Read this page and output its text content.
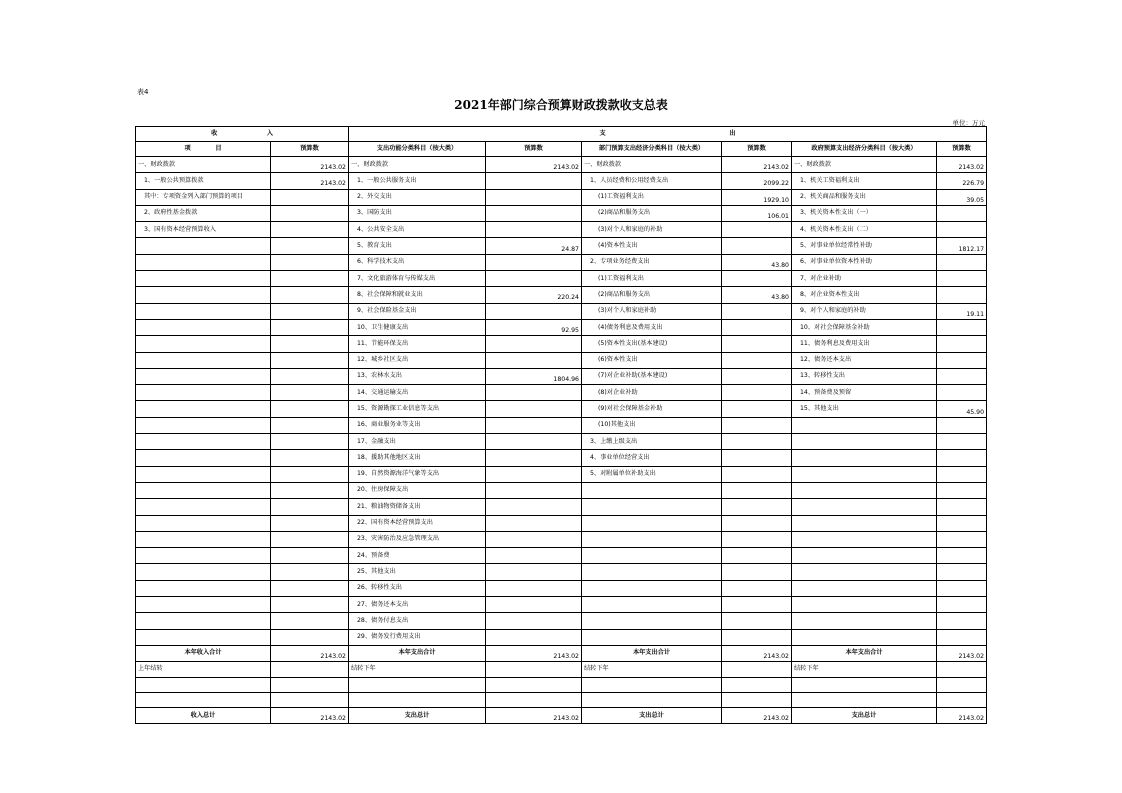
表4
2021年部门综合预算财政拨款收支总表
单位：万元
收　　　　　　　　入		支　　　　　　　　　　　　　　　　　　　　出					
项　　　　目	预算数	支出功能分类科目（按大类）	预算数	部门预算支出经济分类科目（按大类）	预算数	政府预算支出经济分类科目（按大类）	预算数
一、财政拨款	2143.02	一、财政拨款	2143.02	一、财政拨款	2143.02	一、财政拨款	2143.02
1、一般公共预算拨款	2143.02	1、一般公共服务支出		1、人员经费和公用经费支出	2099.22	1、机关工资福利支出	226.79
其中：专项资金列入部门预算的项目		2、外交支出		(1)工资福利支出	1929.10	2、机关商品和服务支出	39.05
2、政府性基金拨款		3、国防支出		(2)商品和服务支出	106.01	3、机关资本性支出（一）	
3、国有资本经营预算收入		4、公共安全支出		(3)对个人和家庭的补助		4、机关资本性支出（二）	
		5、教育支出	24.87	(4)资本性支出		5、对事业单位经常性补助	1812.17
		6、科学技术支出		2、专项业务经费支出	43.80	6、对事业单位资本性补助	
		7、文化旅游体育与传媒支出		(1)工资福利支出		7、对企业补助	
		8、社会保障和就业支出	220.24	(2)商品和服务支出	43.80	8、对企业资本性支出	
		9、社会保险基金支出		(3)对个人和家庭补助		9、对个人和家庭的补助	19.11
		10、卫生健康支出	92.95	(4)债务利息及费用支出		10、对社会保障基金补助	
		11、节能环保支出		(5)资本性支出(基本建设)		11、债务利息及费用支出	
		12、城乡社区支出		(6)资本性支出		12、债务还本支出	
		13、农林水支出	1804.96	(7)对企业补助(基本建设)		13、转移性支出	
		14、交通运输支出		(8)对企业补助		14、预备费及预留	
		15、资源勘探工业信息等支出		(9)对社会保障基金补助		15、其他支出	45.90
		16、商业服务业等支出		(10)其他支出			
		17、金融支出		3、上缴上级支出			
		18、援助其他地区支出		4、事业单位经营支出			
		19、自然资源海洋气象等支出		5、对附属单位补助支出			
		20、住房保障支出					
		21、粮油物资储备支出					
		22、国有资本经营预算支出					
		23、灾害防治及应急管理支出					
		24、预备费					
		25、其他支出					
		26、转移性支出					
		27、债务还本支出					
		28、债务付息支出					
		29、债务发行费用支出					
本年收入合计	2143.02	本年支出合计	2143.02	本年支出合计	2143.02	本年支出合计	2143.02
上年结转		结转下年		结转下年		结转下年	

收入总计	2143.02	支出总计	2143.02	支出总计	2143.02	支出总计	2143.02
